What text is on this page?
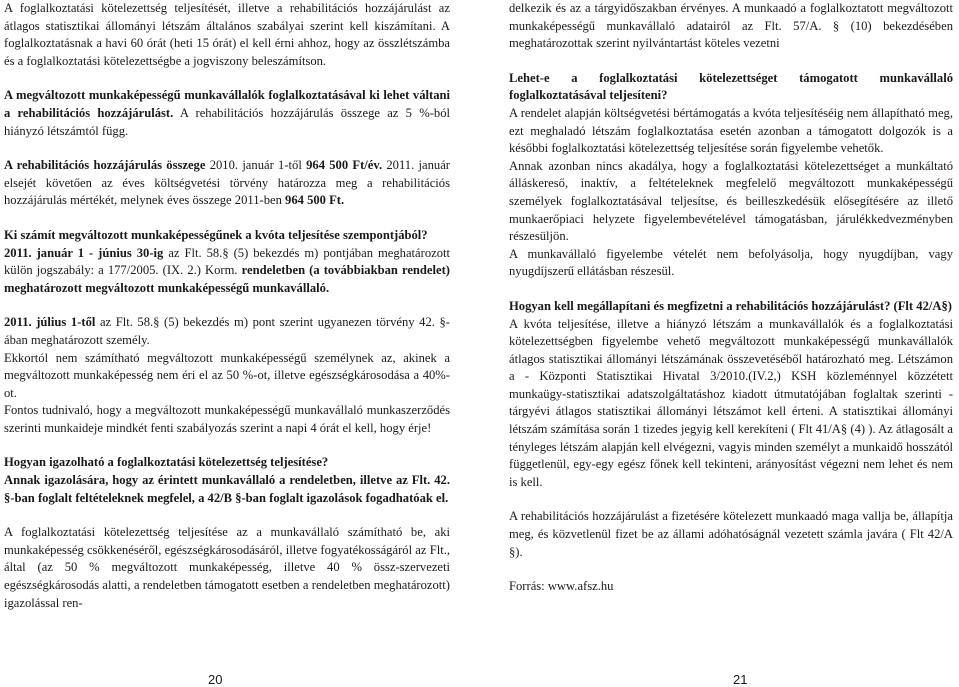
A foglalkoztatási kötelezettség teljesítését, illetve a rehabilitációs hozzájárulást az átlagos statisztikai állományi létszám általános szabályai szerint kell kiszámítani. A foglalkoztatásnak a havi 60 órát (heti 15 órát) el kell érni ahhoz, hogy az összlétszámba és a foglalkoztatási kötelezettségbe a jogviszony beleszámítson.

A megváltozott munkaképességű munkavállalók foglalkoztatásával ki lehet váltani a rehabilitációs hozzájárulást. A rehabilitációs hozzájárulás összege az 5 %-ból hiányzó létszámtól függ.

A rehabilitációs hozzájárulás összege 2010. január 1-től 964 500 Ft/év. 2011. január elsejét követően az éves költségvetési törvény határozza meg a rehabilitációs hozzájárulás mértékét, melynek éves összege 2011-ben 964 500 Ft.

Ki számít megváltozott munkaképességűnek a kvóta teljesítése szempontjából?

2011. január 1 - június 30-ig az Flt. 58.§ (5) bekezdés m) pontjában meghatározott külön jogszabály: a 177/2005. (IX. 2.) Korm. rendeletben (a továbbiakban rendelet) meghatározott megváltozott munkaképességű munkavállaló.

2011. július 1-től az Flt. 58.§ (5) bekezdés m) pont szerint ugyanezen törvény 42. §-ában meghatározott személy.

Ekkortól nem számítható megváltozott munkaképességű személynek az, akinek a megváltozott munkaképesség nem éri el az 50 %-ot, illetve egészségkárosodása a 40%-ot.

Fontos tudnivaló, hogy a megváltozott munkaképességű munkavállaló munkaszerződés szerinti munkaideje mindkét fenti szabályozás szerint a napi 4 órát el kell, hogy érje!

Hogyan igazolható a foglalkoztatási kötelezettség teljesítése?

Annak igazolására, hogy az érintett munkavállaló a rendeletben, illetve az Flt. 42. §-ban foglalt feltételeknek megfelel, a 42/B §-ban foglalt igazolások fogadhatóak el.

A foglalkoztatási kötelezettség teljesítése az a munkavállaló számítható be, aki munkaképesség csökkenéséről, egészségkárosodásáról, illetve fogyatékosságáról az Flt., által (az 50 % megváltozott munkaképesség, illetve 40 % össz-szervezeti egészségkárosodás alatti, a rendeletben támogatott esetben a rendeletben meghatározott) igazolással ren-

delkezik és az a tárgyidőszakban érvényes. A munkaadó a foglalkoztatott megváltozott munkaképességű munkavállaló adatairól az Flt. 57/A. § (10) bekezdésében meghatározottak szerint nyilvántartást köteles vezetni

Lehet-e a foglalkoztatási kötelezettséget támogatott munkavállaló foglalkoztatásával teljesíteni?

A rendelet alapján költségvetési bértámogatás a kvóta teljesítéséig nem állapítható meg, ezt meghaladó létszám foglalkoztatása esetén azonban a támogatott dolgozók is a későbbi foglalkoztatási kötelezettség teljesítése során figyelembe vehetők.

Annak azonban nincs akadálya, hogy a foglalkoztatási kötelezettséget a munkáltató álláskereső, inaktív, a feltételeknek megfelelő megváltozott munkaképességű személyek foglalkoztatásával teljesítse, és beilleszkedésük elősegítésére az illető munkaerőpiaci helyzete figyelembevételével támogatásban, járulékkedvezményben részesüljön.

A munkavállaló figyelembe vételét nem befolyásolja, hogy nyugdíjban, vagy nyugdíjszerű ellátásban részesül.

Hogyan kell megállapítani és megfizetni a rehabilitációs hozzájárulást? (Flt 42/A§)

A kvóta teljesítése, illetve a hiányzó létszám a munkavállalók és a foglalkoztatási kötelezettségben figyelembe vehető megváltozott munkaképességű munkavállalók átlagos statisztikai állományi létszámának összevetéséből határozható meg. Létszámon a - Központi Statisztikai Hivatal 3/2010.(IV.2,) KSH közleménnyel közzétett munkaügy-statisztikai adatszolgáltatáshoz kiadott útmutatójában foglaltak szerinti - tárgyévi átlagos statisztikai állományi létszámot kell érteni. A statisztikai állományi létszám számítása során 1 tizedes jegyig kell kerekíteni ( Flt 41/A§ (4) ). Az átlagosált a tényleges létszám alapján kell elvégezni, vagyis minden személyt a munkaidő hosszától függetlenül, egy-egy egész főnek kell tekinteni, arányosítást végezni nem lehet és nem is kell.

A rehabilitációs hozzájárulást a fizetésére kötelezett munkaadó maga vallja be, állapítja meg, és közvetlenül fizet be az állami adóhatóságnál vezetett számla javára ( Flt 42/A §).

Forrás: www.afsz.hu

20	21
